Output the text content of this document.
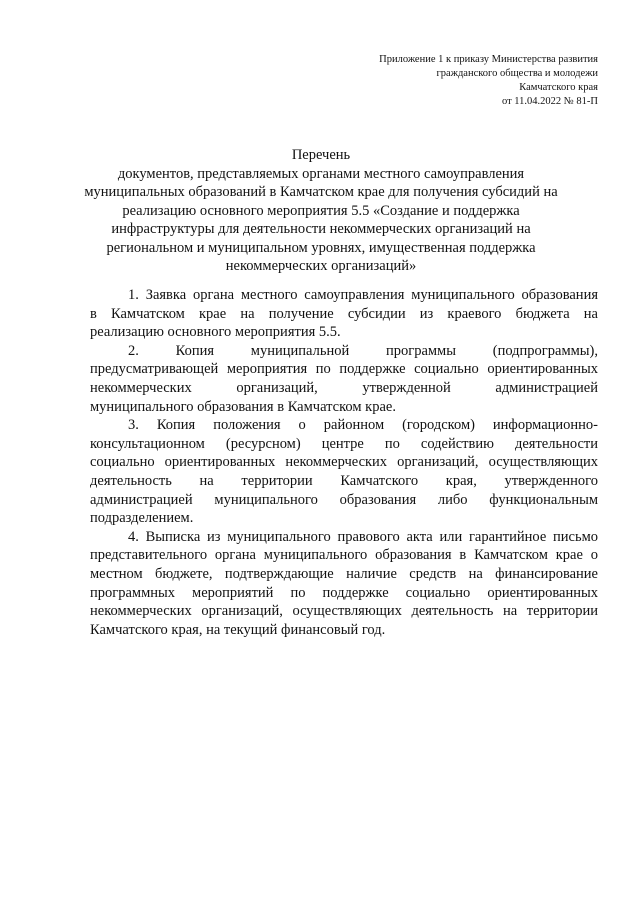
Приложение 1 к приказу Министерства развития
гражданского общества и молодежи
Камчатского края
от 11.04.2022 № 81-П
Перечень
документов, представляемых органами местного самоуправления
муниципальных образований в Камчатском крае для получения субсидий на
реализацию основного мероприятия 5.5 «Создание и поддержка
инфраструктуры для деятельности некоммерческих организаций на
региональном и муниципальном уровнях, имущественная поддержка
некоммерческих организаций»
1. Заявка органа местного самоуправления муниципального образования
в Камчатском крае на получение субсидии из краевого бюджета на
реализацию основного мероприятия 5.5.
2. Копия муниципальной программы (подпрограммы),
предусматривающей мероприятия по поддержке социально ориентированных
некоммерческих организаций, утвержденной администрацией
муниципального образования в Камчатском крае.
3. Копия положения о районном (городском) информационно-
консультационном (ресурсном) центре по содействию деятельности
социально ориентированных некоммерческих организаций, осуществляющих
деятельность на территории Камчатского края, утвержденного
администрацией муниципального образования либо функциональным
подразделением.
4. Выписка из муниципального правового акта или гарантийное письмо
представительного органа муниципального образования в Камчатском крае о
местном бюджете, подтверждающие наличие средств на финансирование
программных мероприятий по поддержке социально ориентированных
некоммерческих организаций, осуществляющих деятельность на территории
Камчатского края, на текущий финансовый год.
